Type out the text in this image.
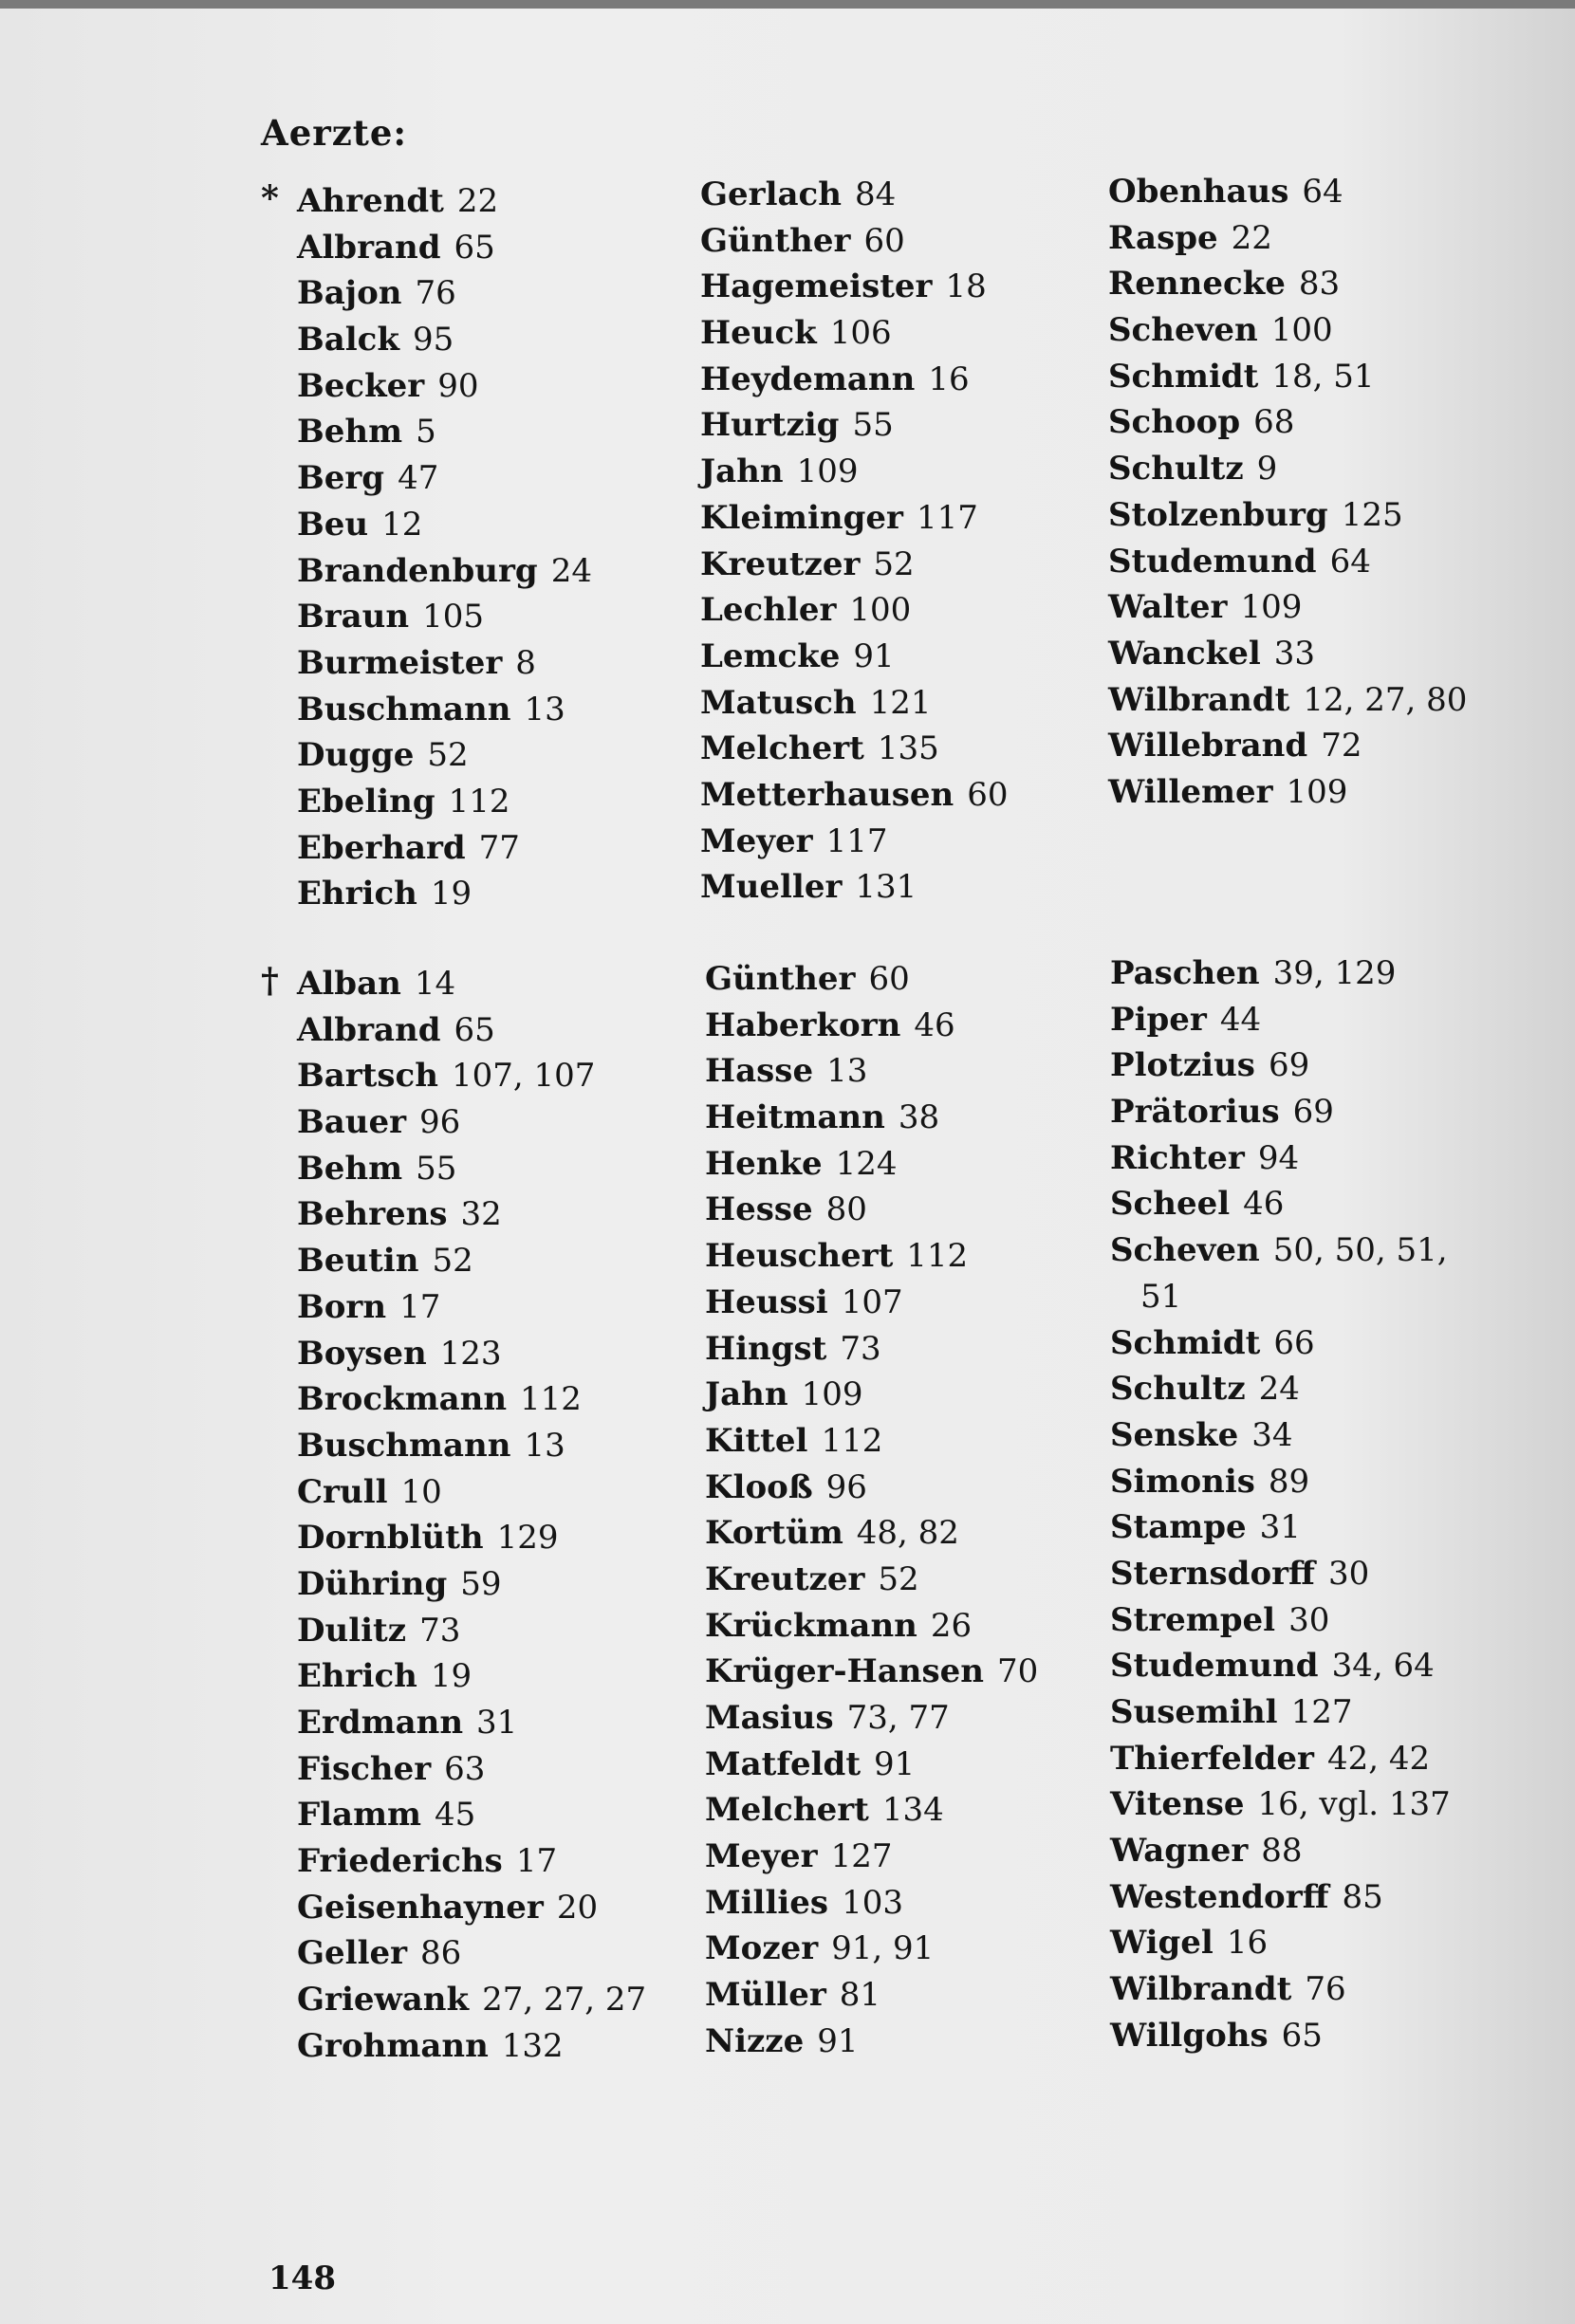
Aerzte:
*
†
Ahrendt 22
Albrand 65
Bajon 76
Balck 95
Becker 90
Behm 5
Berg 47
Beu 12
Brandenburg 24
Braun 105
Burmeister 8
Buschmann 13
Dugge 52
Ebeling 112
Eberhard 77
Ehrich 19
Gerlach 84
Günther 60
Hagemeister 18
Heuck 106
Heydemann 16
Hurtzig 55
Jahn 109
Kleiminger 117
Kreutzer 52
Lechler 100
Lemcke 91
Matusch 121
Melchert 135
Metterhausen 60
Meyer 117
Mueller 131
Obenhaus 64
Raspe 22
Rennecke 83
Scheven 100
Schmidt 18, 51
Schoop 68
Schultz 9
Stolzenburg 125
Studemund 64
Walter 109
Wanckel 33
Wilbrandt 12, 27, 80
Willebrand 72
Willemer 109
Alban 14
Albrand 65
Bartsch 107, 107
Bauer 96
Behm 55
Behrens 32
Beutin 52
Born 17
Boysen 123
Brockmann 112
Buschmann 13
Crull 10
Dornblüth 129
Dühring 59
Dulitz 73
Ehrich 19
Erdmann 31
Fischer 63
Flamm 45
Friederichs 17
Geisenhayner 20
Geller 86
Griewank 27, 27, 27
Grohmann 132
Günther 60
Haberkorn 46
Hasse 13
Heitmann 38
Henke 124
Hesse 80
Heuschert 112
Heussi 107
Hingst 73
Jahn 109
Kittel 112
Klooß 96
Kortüm 48, 82
Kreutzer 52
Krückmann 26
Krüger-Hansen 70
Masius 73, 77
Matfeldt 91
Melchert 134
Meyer 127
Millies 103
Mozer 91, 91
Müller 81
Nizze 91
Paschen 39, 129
Piper 44
Plotzius 69
Prätorius 69
Richter 94
Scheel 46
Scheven 50, 50, 51,
51
Schmidt 66
Schultz 24
Senske 34
Simonis 89
Stampe 31
Sternsdorff 30
Strempel 30
Studemund 34, 64
Susemihl 127
Thierfelder 42, 42
Vitense 16, vgl. 137
Wagner 88
Westendorff 85
Wigel 16
Wilbrandt 76
Willgohs 65
148
